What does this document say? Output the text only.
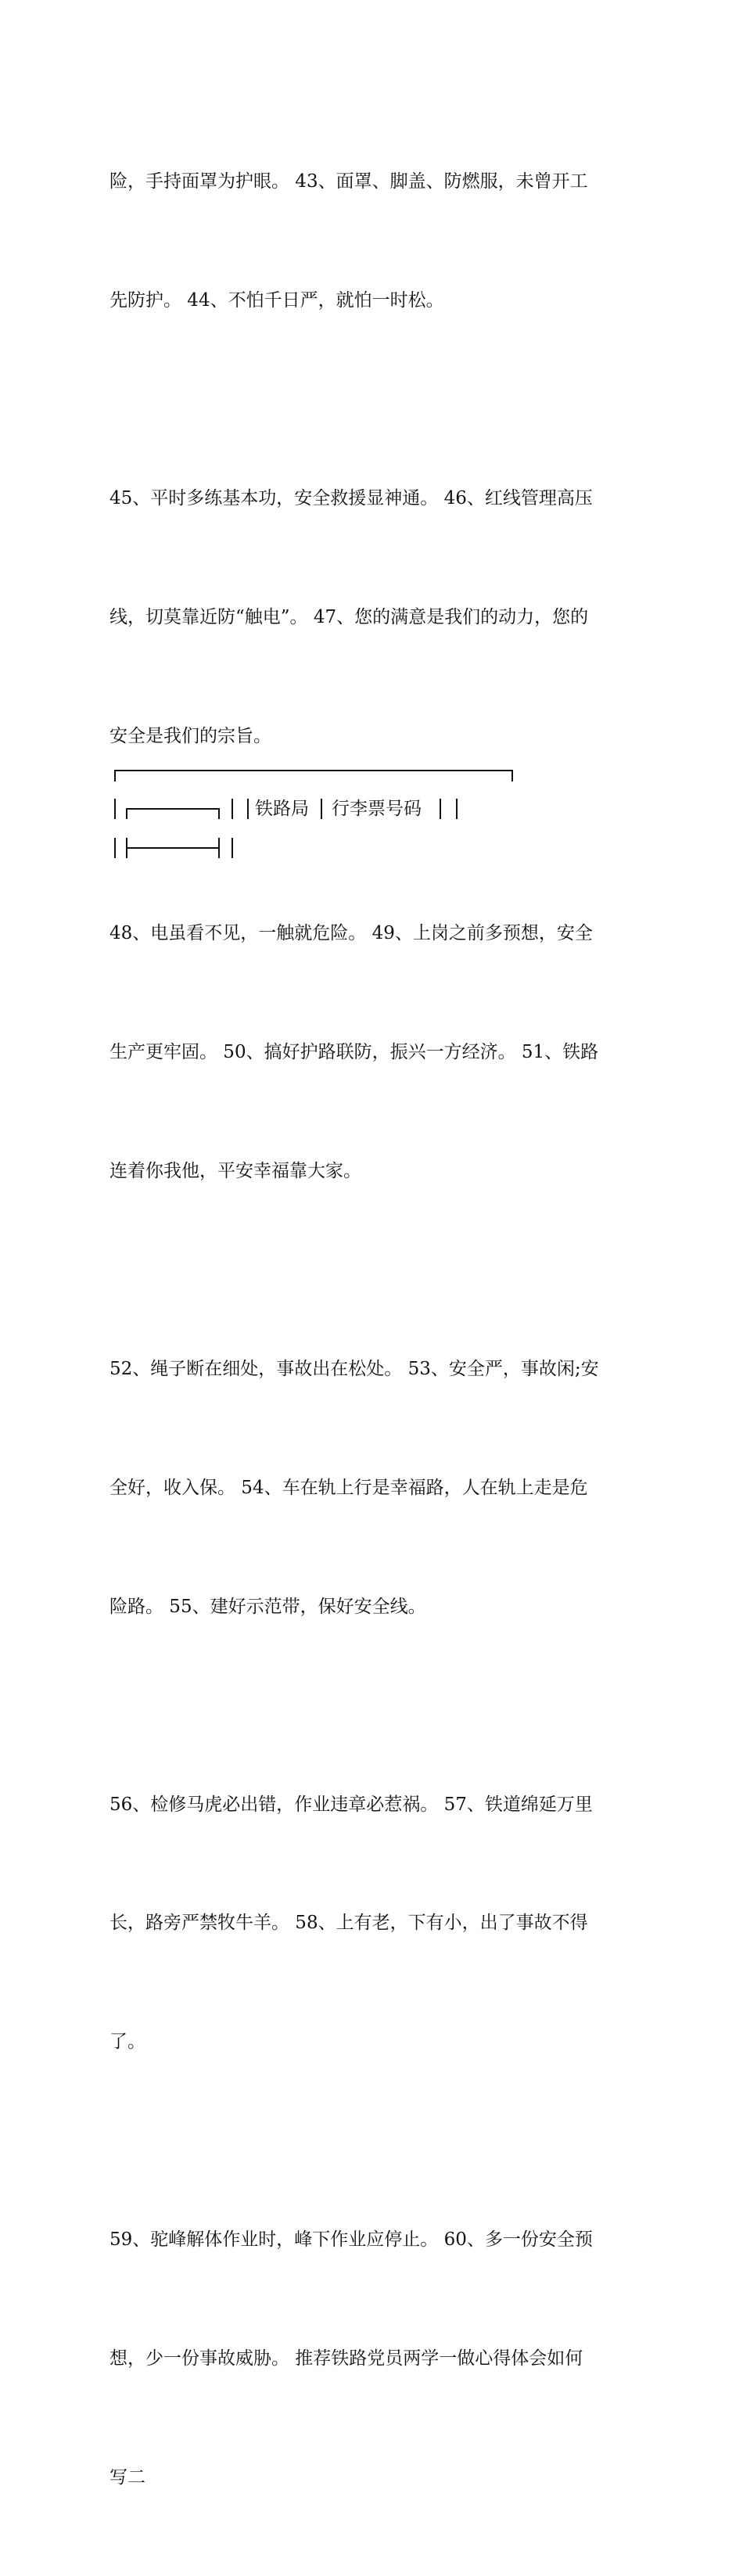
险，手持面罩为护眼。 43、面罩、脚盖、防燃服，未曾开工

先防护。 44、不怕千日严，就怕一时松。

45、平时多练基本功，安全救援显神通。 46、红线管理高压

线，切莫靠近防“触电”。 47、您的满意是我们的动力，您的

安全是我们的宗旨。

48、电虽看不见，一触就危险。 49、上岗之前多预想，安全

生产更牢固。 50、搞好护路联防，振兴一方经济。 51、铁路

连着你我他，平安幸福靠大家。

52、绳子断在细处，事故出在松处。 53、安全严，事故闲;安

全好，收入保。 54、车在轨上行是幸福路，人在轨上走是危

险路。 55、建好示范带，保好安全线。

56、检修马虎必出错，作业违章必惹祸。 57、铁道绵延万里

长，路旁严禁牧牛羊。 58、上有老，下有小，出了事故不得

了。

59、驼峰解体作业时，峰下作业应停止。 60、多一份安全预

想，少一份事故威胁。 推荐铁路党员两学一做心得体会如何

写二

铁路局 行李票号码
